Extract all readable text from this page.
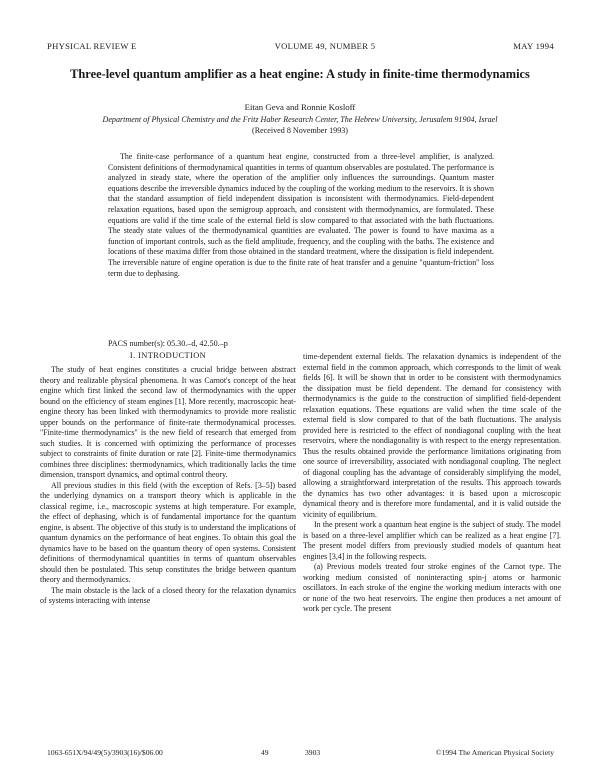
PHYSICAL REVIEW E	VOLUME 49, NUMBER 5	MAY 1994
Three-level quantum amplifier as a heat engine: A study in finite-time thermodynamics
Eitan Geva and Ronnie Kosloff
Department of Physical Chemistry and the Fritz Haber Research Center, The Hebrew University, Jerusalem 91904, Israel
(Received 8 November 1993)

The finite-case performance of a quantum heat engine, constructed from a three-level amplifier, is analyzed. Consistent definitions of thermodynamical quantities in terms of quantum observables are postulated. The performance is analyzed in steady state, where the operation of the amplifier only influences the surroundings. Quantum master equations describe the irreversible dynamics induced by the coupling of the working medium to the reservoirs. It is shown that the standard assumption of field independent dissipation is inconsistent with thermodynamics. Field-dependent relaxation equations, based upon the semigroup approach, and consistent with thermodynamics, are formulated. These equations are valid if the time scale of the external field is slow compared to that associated with the bath fluctuations. The steady state values of the thermodynamical quantities are evaluated. The power is found to have maxima as a function of important controls, such as the field amplitude, frequency, and the coupling with the baths. The existence and locations of these maxima differ from those obtained in the standard treatment, where the dissipation is field independent. The irreversible nature of engine operation is due to the finite rate of heat transfer and a genuine "quantum-friction" loss term due to dephasing.

PACS number(s): 05.30.–d, 42.50.–p
I. INTRODUCTION

The study of heat engines constitutes a crucial bridge between abstract theory and realizable physical phenomena. It was Carnot's concept of the heat engine which first linked the second law of thermodynamics with the upper bound on the efficiency of steam engines [1]. More recently, macroscopic heat-engine theory has been linked with thermodynamics to provide more realistic upper bounds on the performance of finite-rate thermodynamical processes. "Finite-time thermodynamics" is the new field of research that emerged from such studies. It is concerned with optimizing the performance of processes subject to constraints of finite duration or rate [2]. Finite-time thermodynamics combines three disciplines: thermodynamics, which traditionally lacks the time dimension, transport dynamics, and optimal control theory.

All previous studies in this field (with the exception of Refs. [3–5]) based the underlying dynamics on a transport theory which is applicable in the classical regime, i.e., macroscopic systems at high temperature. For example, the effect of dephasing, which is of fundamental importance for the quantum engine, is absent. The objective of this study is to understand the implications of quantum dynamics on the performance of heat engines. To obtain this goal the dynamics have to be based on the quantum theory of open systems. Consistent definitions of thermodynamical quantities in terms of quantum observables should then be postulated. This setup constitutes the bridge between quantum theory and thermodynamics.

The main obstacle is the lack of a closed theory for the relaxation dynamics of systems interacting with intense

time-dependent external fields. The relaxation dynamics is independent of the external field in the common approach, which corresponds to the limit of weak fields [6]. It will be shown that in order to be consistent with thermodynamics the dissipation must be field dependent. The demand for consistency with thermodynamics is the guide to the construction of simplified field-dependent relaxation equations. These equations are valid when the time scale of the external field is slow compared to that of the bath fluctuations. The analysis provided here is restricted to the effect of nondiagonal coupling with the heat reservoirs, where the nondiagonality is with respect to the energy representation. Thus the results obtained provide the performance limitations originating from one source of irreversibility, associated with nondiagonal coupling. The neglect of diagonal coupling has the advantage of considerably simplifying the model, allowing a straightforward interpretation of the results. This approach towards the dynamics has two other advantages: it is based upon a microscopic dynamical theory and is therefore more fundamental, and it is valid outside the vicinity of equilibrium.

In the present work a quantum heat engine is the subject of study. The model is based on a three-level amplifier which can be realized as a heat engine [7]. The present model differs from previously studied models of quantum heat engines [3,4] in the following respects.

(a) Previous models treated four stroke engines of the Carnot type. The working medium consisted of noninteracting spin-j atoms or harmonic oscillators. In each stroke of the engine the working medium interacts with one or none of the two heat reservoirs. The engine then produces a net amount of work per cycle. The present

1063-651X/94/49(5)/3903(16)/$06.00	49	3903	©1994 The American Physical Society
